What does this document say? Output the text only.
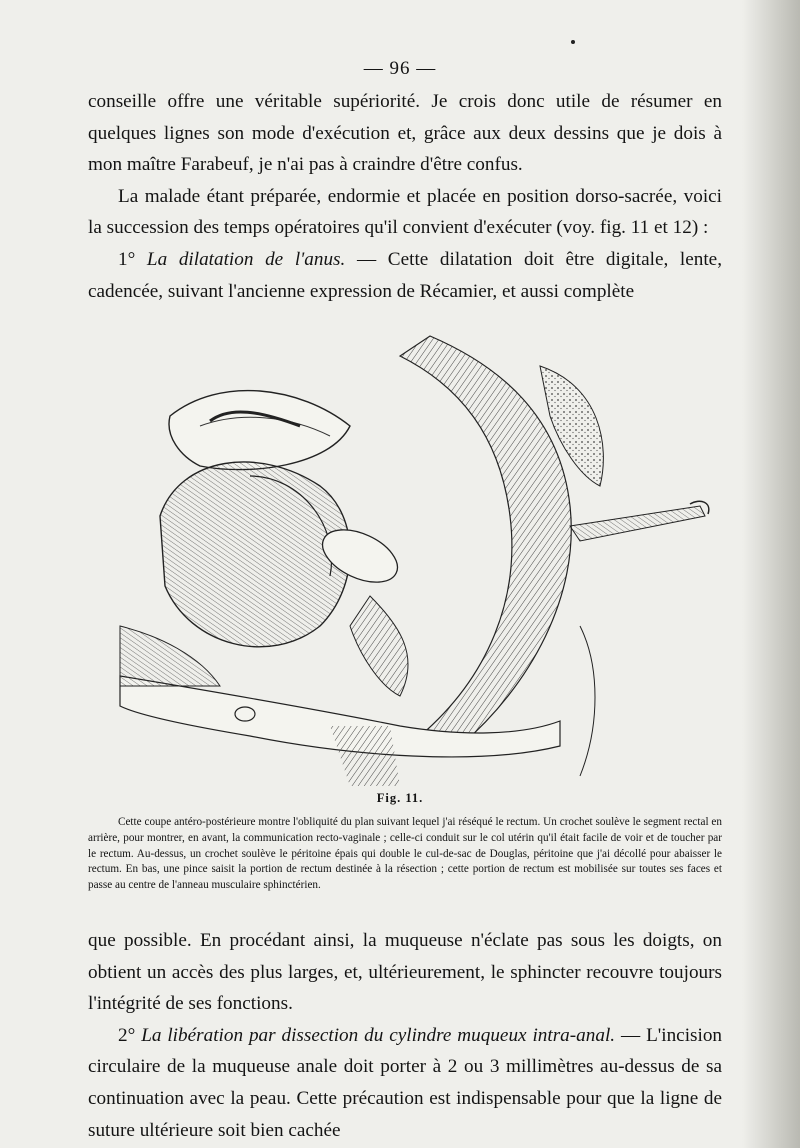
— 96 —

conseille offre une véritable supériorité. Je crois donc utile de résumer en quelques lignes son mode d'exécution et, grâce aux deux dessins que je dois à mon maître Farabeuf, je n'ai pas à craindre d'être confus.

La malade étant préparée, endormie et placée en position dorso-sacrée, voici la succession des temps opératoires qu'il convient d'exécuter (voy. fig. 11 et 12) :

1° La dilatation de l'anus. — Cette dilatation doit être digitale, lente, cadencée, suivant l'ancienne expression de Récamier, et aussi complète

Fig. 11.

Cette coupe antéro-postérieure montre l'obliquité du plan suivant lequel j'ai réséqué le rectum. Un crochet soulève le segment rectal en arrière, pour montrer, en avant, la communication recto-vaginale ; celle-ci conduit sur le col utérin qu'il était facile de voir et de toucher par le rectum. Au-dessus, un crochet soulève le péritoine épais qui double le cul-de-sac de Douglas, péritoine que j'ai décollé pour abaisser le rectum. En bas, une pince saisit la portion de rectum destinée à la résection ; cette portion de rectum est mobilisée sur toutes ses faces et passe au centre de l'anneau musculaire sphinctérien.

que possible. En procédant ainsi, la muqueuse n'éclate pas sous les doigts, on obtient un accès des plus larges, et, ultérieurement, le sphincter recouvre toujours l'intégrité de ses fonctions.

2° La libération par dissection du cylindre muqueux intra-anal. — L'incision circulaire de la muqueuse anale doit porter à 2 ou 3 millimètres au-dessus de sa continuation avec la peau. Cette précaution est indispensable pour que la ligne de suture ultérieure soit bien cachée
